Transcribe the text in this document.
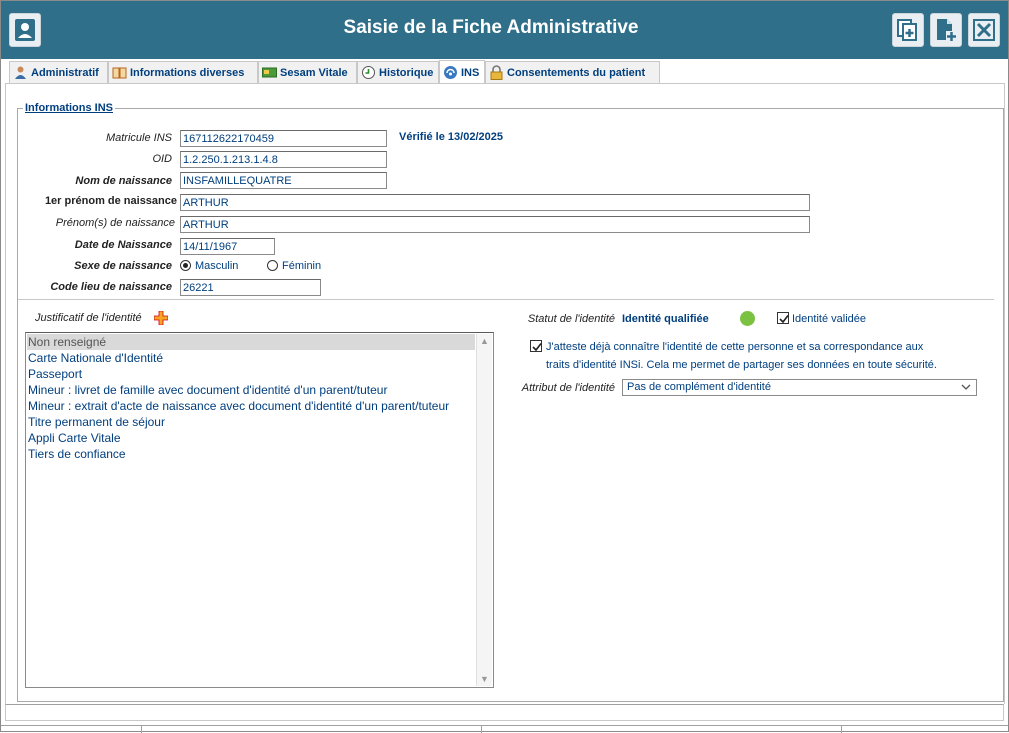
Saisie de la Fiche Administrative
Administratif	Informations diverses	Sesam Vitale	Historique	INS	Consentements du patient
Informations INS
Matricule INS 167112622170459	Vérifié le 13/02/2025
OID 1.2.250.1.213.1.4.8
Nom de naissance INSFAMILLEQUATRE
1er prénom de naissance ARTHUR
Prénom(s) de naissance ARTHUR
Date de Naissance 14/11/1967
Sexe de naissance Masculin	Féminin
Code lieu de naissance 26221
Justificatif de l'identité
Non renseigné
Carte Nationale d'Identité
Passeport
Mineur : livret de famille avec document d'identité d'un parent/tuteur
Mineur : extrait d'acte de naissance avec document d'identité d'un parent/tuteur
Titre permanent de séjour
Appli Carte Vitale
Tiers de confiance
▲
▼
Statut de l'identité Identité qualifiée	Identité validée
J'atteste déjà connaître l'identité de cette personne et sa correspondance aux traits d'identité INSi. Cela me permet de partager ses données en toute sécurité.
Attribut de l'identité	Pas de complément d'identité
